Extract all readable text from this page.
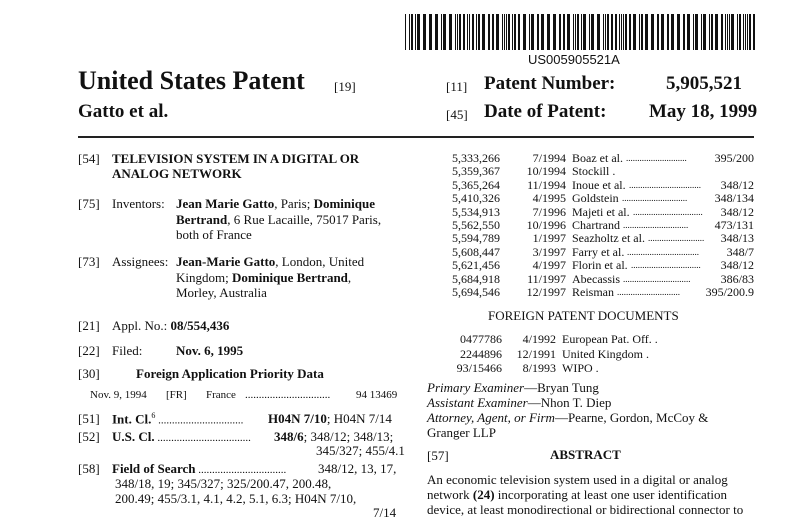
US005905521A
United States Patent [19]
Gatto et al.
[11] Patent Number:	5,905,521
[45] Date of Patent: May 18, 1999
[54] TELEVISION SYSTEM IN A DIGITAL OR
ANALOG NETWORK
[75] Inventors: Jean Marie Gatto, Paris; Dominique
Bertrand, 6 Rue Lacaille, 75017 Paris,
both of France
[73] Assignees: Jean-Marie Gatto, London, United
Kingdom; Dominique Bertrand,
Morley, Australia
[21] Appl. No.: 08/554,436
[22] Filed:	Nov. 6, 1995
[30]	Foreign Application Priority Data
Nov. 9, 1994 [FR] France ............................... 94 13469
[51] Int. Cl.$^6$ ............................... H04N 7/10; H04N 7/14
[52] U.S. Cl. .................................. 348/6; 348/12; 348/13;
345/327; 455/4.1
[58] Field of Search ................................ 348/12, 13, 17,
348/18, 19; 345/327; 325/200.47, 200.48,
200.49; 455/3.1, 4.1, 4.2, 5.1, 6.3; H04N 7/10,
7/14
5,333,266	7/1994 Boaz et al. ...........................	395/200
5,359,367	10/1994 Stockill .
5,365,264	11/1994 Inoue et al. ................................	348/12
5,410,326	4/1995 Goldstein .............................	348/134
5,534,913	7/1996 Majeti et al. ...............................	348/12
5,562,550	10/1996 Chartrand .............................	473/131
5,594,789	1/1997 Seazholtz et al. .........................	348/13
5,608,447	3/1997 Farry et al. ................................	348/7
5,621,456	4/1997 Florin et al. ...............................	348/12
5,684,918	11/1997 Abecassis ..............................	386/83
5,694,546	12/1997 Reisman ............................	395/200.9
FOREIGN PATENT DOCUMENTS
0477786	4/1992 European Pat. Off. .
2244896	12/1991 United Kingdom .
93/15466	8/1993 WIPO .
Primary Examiner—Bryan Tung
Assistant Examiner—Nhon T. Diep
Attorney, Agent, or Firm—Pearne, Gordon, McCoy &
Granger LLP
[57]	ABSTRACT
An economic television system used in a digital or analog
network (24) incorporating at least one user identification
device, at least monodirectional or bidirectional connector to
